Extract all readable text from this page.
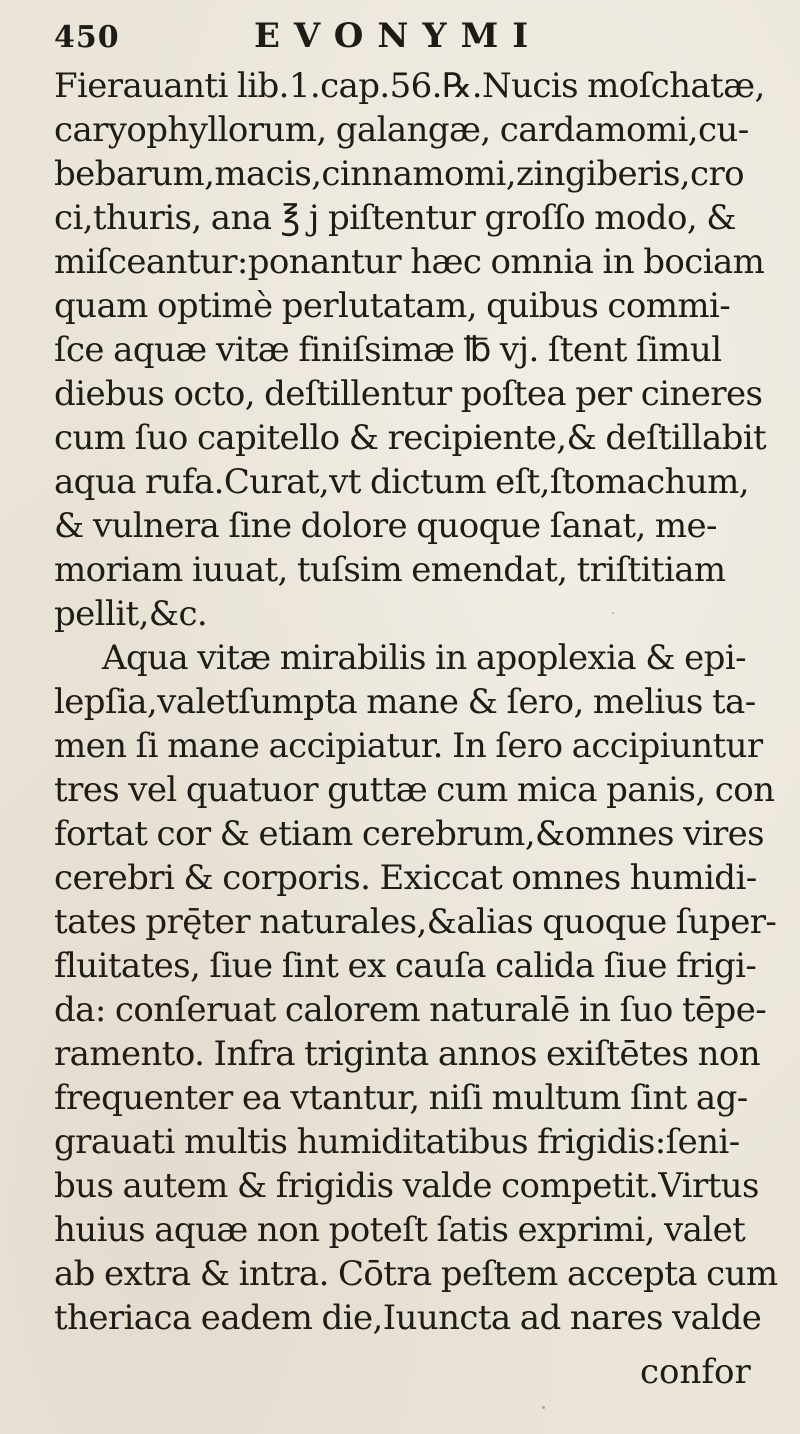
450	EVONYMI
Fierauanti lib.1.cap.56.℞.Nucis moſchatæ,
caryophyllorum, galangæ, cardamomi,cu-
bebarum,macis,cinnamomi,zingiberis,cro
ci,thuris, ana ℥ j piſtentur groſſo modo, &
miſceantur:ponantur hæc omnia in bociam
quam optimè perlutatam, quibus commi-
ſce aquæ vitæ finiſsimæ ℔ vj. ſtent ſimul
diebus octo, deſtillentur poſtea per cineres
cum ſuo capitello & recipiente,& deſtillabit
aqua rufa.Curat,vt dictum eſt,ſtomachum,
& vulnera ſine dolore quoque ſanat, me-
moriam iuuat, tuſsim emendat, triſtitiam
pellit,&c.
Aqua vitæ mirabilis in apoplexia & epi-
lepſia,valetſumpta mane & ſero, melius ta-
men ſi mane accipiatur. In ſero accipiuntur
tres vel quatuor guttæ cum mica panis, con
fortat cor & etiam cerebrum,&omnes vires
cerebri & corporis. Exiccat omnes humidi-
tates prę̄ter naturales,&alias quoque ſuper-
fluitates, ſiue ſint ex cauſa calida ſiue frigi-
da: conſeruat calorem naturalē in ſuo tēpe-
ramento. Infra triginta annos exiſtētes non
frequenter ea vtantur, niſi multum ſint ag-
grauati multis humiditatibus frigidis:ſeni-
bus autem & frigidis valde competit.Virtus
huius aquæ non poteſt ſatis exprimi, valet
ab extra & intra. Cōtra peſtem accepta cum
theriaca eadem die,Iuuncta ad nares valde
confor
